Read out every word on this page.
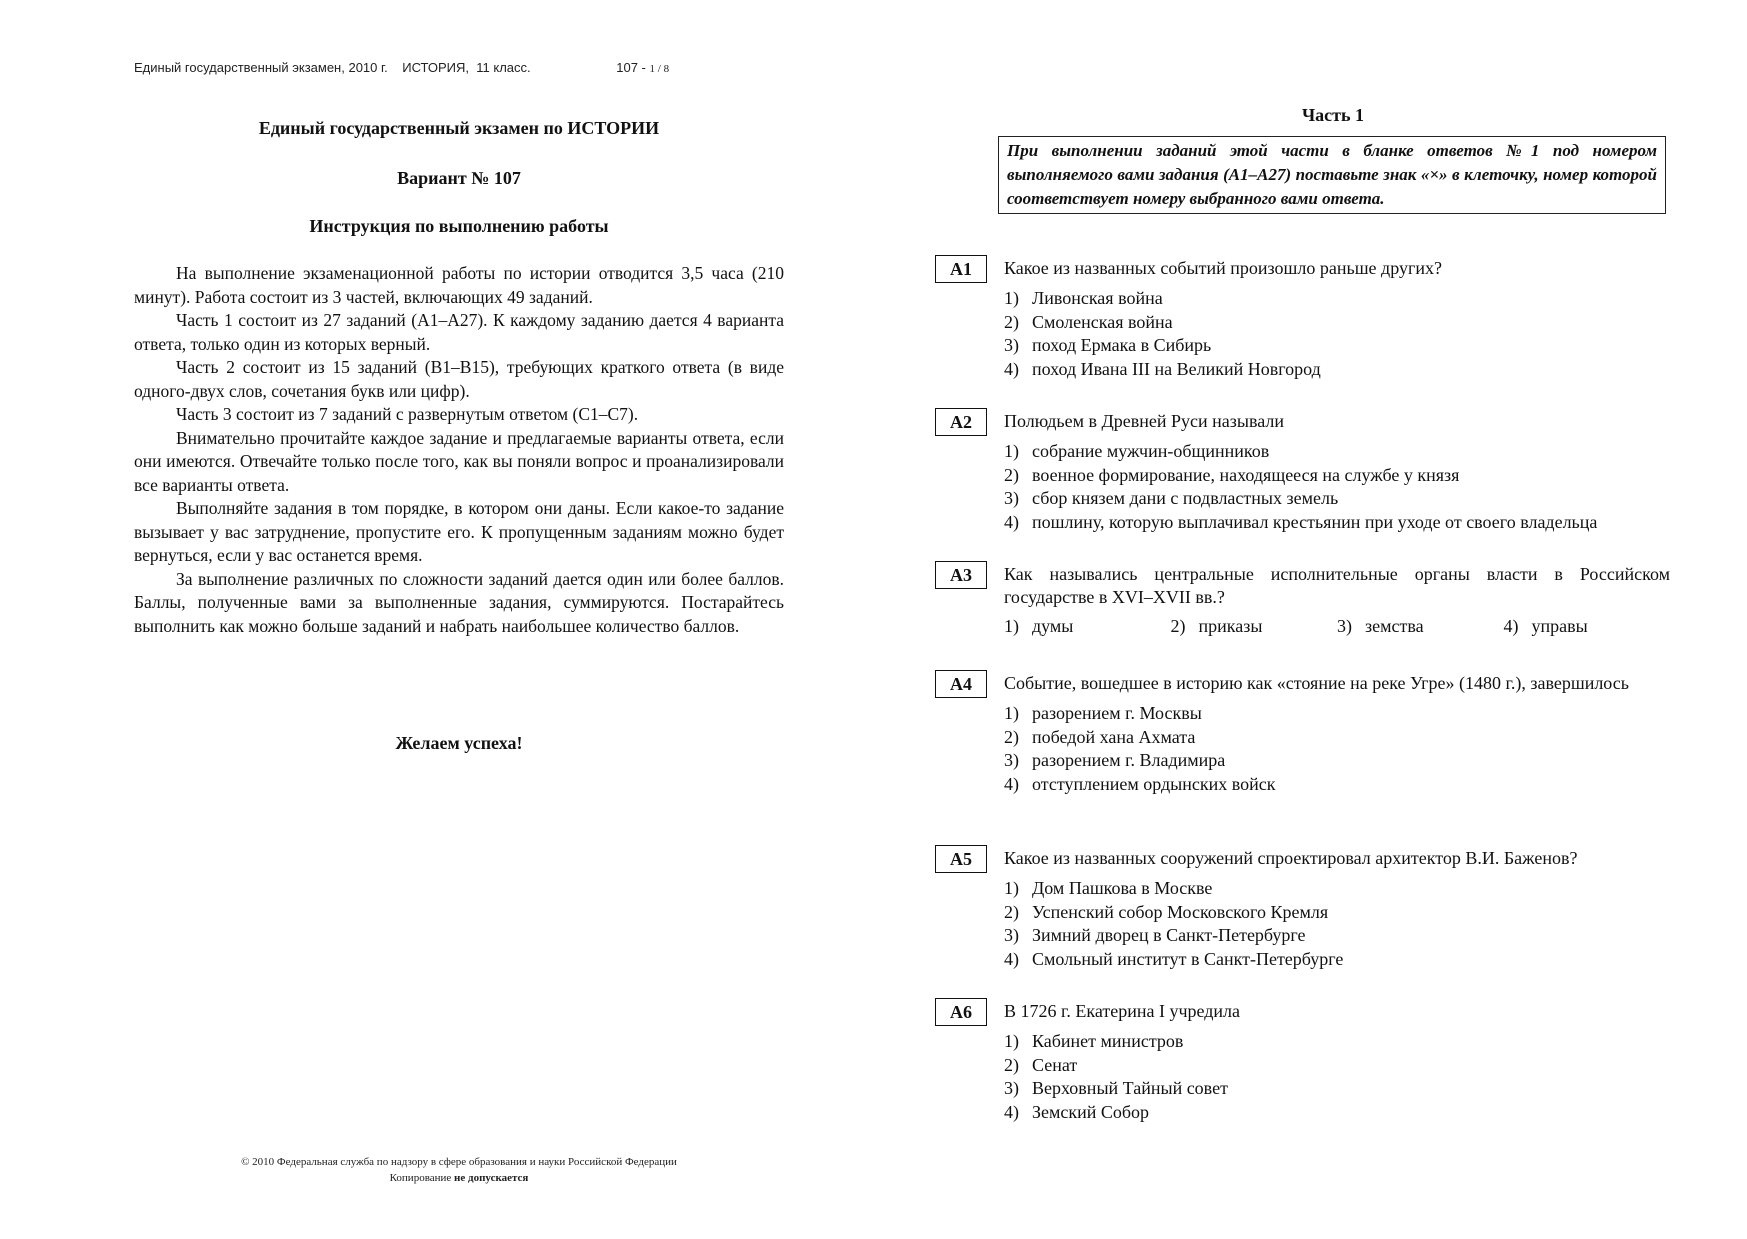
Единый государственный экзамен, 2010 г. ИСТОРИЯ, 11 класс.	107 - 1 / 8
Единый государственный экзамен по ИСТОРИИ
Вариант № 107
Инструкция по выполнению работы

На выполнение экзаменационной работы по истории отводится 3,5 часа (210 минут). Работа состоит из 3 частей, включающих 49 заданий.

Часть 1 состоит из 27 заданий (А1–А27). К каждому заданию дается 4 варианта ответа, только один из которых верный.

Часть 2 состоит из 15 заданий (В1–В15), требующих краткого ответа (в виде одного-двух слов, сочетания букв или цифр).

Часть 3 состоит из 7 заданий с развернутым ответом (С1–С7).

Внимательно прочитайте каждое задание и предлагаемые варианты ответа, если они имеются. Отвечайте только после того, как вы поняли вопрос и проанализировали все варианты ответа.

Выполняйте задания в том порядке, в котором они даны. Если какое-то задание вызывает у вас затруднение, пропустите его. К пропущенным заданиям можно будет вернуться, если у вас останется время.

За выполнение различных по сложности заданий дается один или более баллов. Баллы, полученные вами за выполненные задания, суммируются. Постарайтесь выполнить как можно больше заданий и набрать наибольшее количество баллов.

Желаем успеха!
© 2010 Федеральная служба по надзору в сфере образования и науки Российской Федерации
Копирование не допускается
Часть 1
При выполнении заданий этой части в бланке ответов №1 под номером выполняемого вами задания (А1–А27) поставьте знак «×» в клеточку, номер которой соответствует номеру выбранного вами ответа.
А1	Какое из названных событий произошло раньше других?
1) Ливонская война
2) Смоленская война
3) поход Ермака в Сибирь
4) поход Ивана III на Великий Новгород
А2	Полюдьем в Древней Руси называли
1) собрание мужчин-общинников
2) военное формирование, находящееся на службе у князя
3) сбор князем дани с подвластных земель
4) пошлину, которую выплачивал крестьянин при уходе от своего владельца
А3	Как назывались центральные исполнительные органы власти в Российском государстве в XVI–XVII вв.?
1) думы	2) приказы	3) земства	4) управы
А4	Событие, вошедшее в историю как «стояние на реке Угре» (1480 г.), завершилось
1) разорением г. Москвы
2) победой хана Ахмата
3) разорением г. Владимира
4) отступлением ордынских войск
А5	Какое из названных сооружений спроектировал архитектор В.И. Баженов?
1) Дом Пашкова в Москве
2) Успенский собор Московского Кремля
3) Зимний дворец в Санкт-Петербурге
4) Смольный институт в Санкт-Петербурге
А6	В 1726 г. Екатерина I учредила
1) Кабинет министров
2) Сенат
3) Верховный Тайный совет
4) Земский Собор
